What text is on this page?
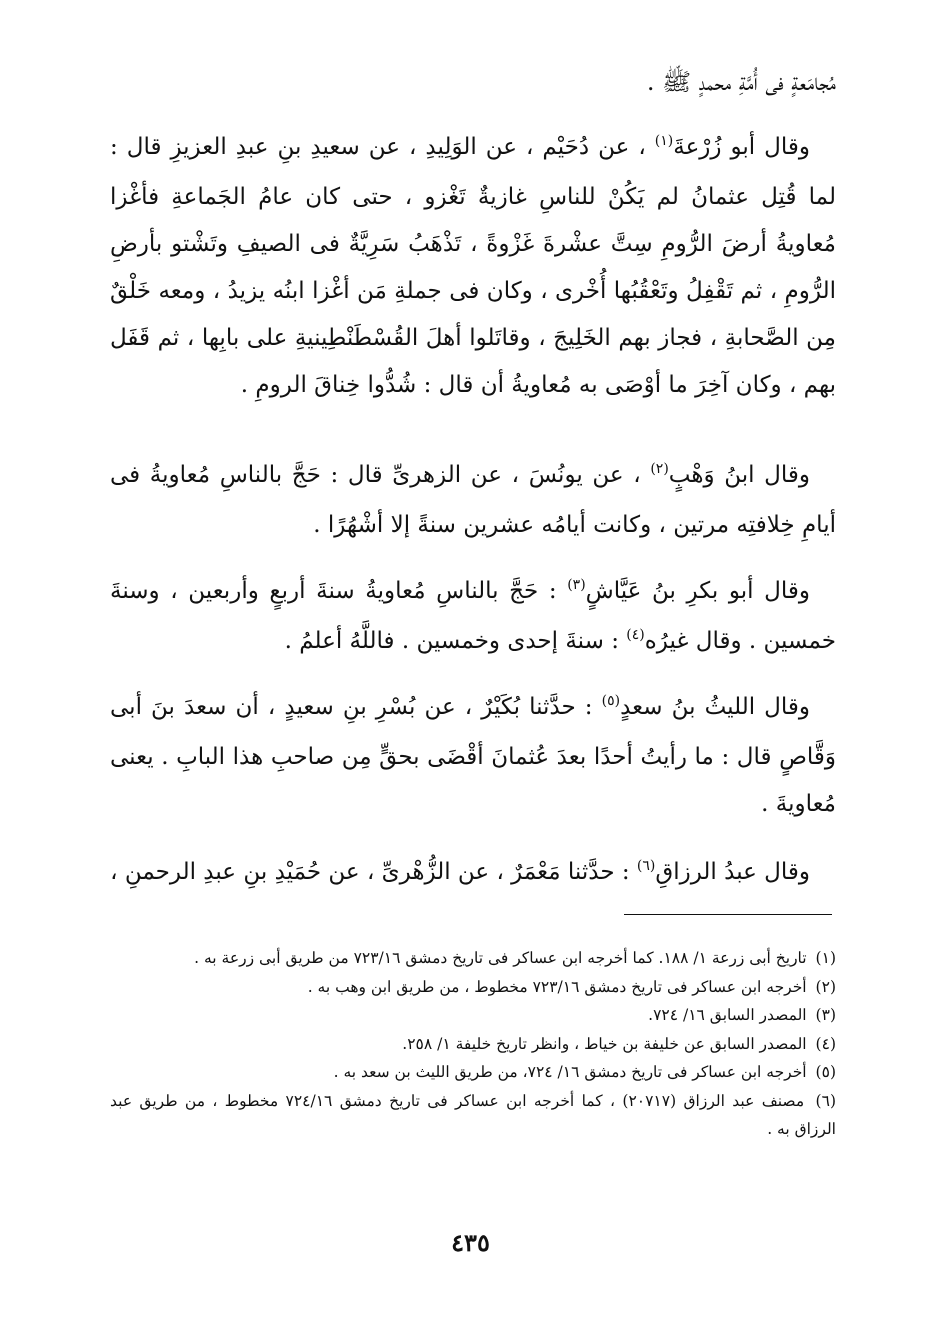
مُجامَعةٍ فى أُمَّةِ محمدٍ ﷺ .
وقال أبو زُرْعةَ$^{(١)}$ ، عن دُحَيْم ، عن الوَلِيدِ ، عن سعيدِ بنِ عبدِ العزيزِ قال : لما قُتِل عثمانُ لم يَكُنْ للناسِ غازيةٌ تَغْزو ، حتى كان عامُ الجَماعةِ فأغْزا مُعاويةُ أرضَ الرُّومِ سِتَّ عشْرةَ غَزْوةً ، تَذْهَبُ سَرِيَّةٌ فى الصيفِ وتَشْتو بأرضِ الرُّومِ ، ثم تَقْفِلُ وتَعْقُبُها أُخْرى ، وكان فى جملةِ مَن أغْزا ابنُه يزيدُ ، ومعه خَلْقٌ مِن الصَّحابةِ ، فجاز بهم الخَلِيجَ ، وقاتَلوا أهلَ القُسْطَنْطِينيةِ على بابِها ، ثم قَفَل بهم ، وكان آخِرَ ما أوْصَى به مُعاويةُ أن قال : شُدُّوا خِناقَ الرومِ .
وقال ابنُ وَهْبٍ$^{(٢)}$ ، عن يونُسَ ، عن الزهرىِّ قال : حَجَّ بالناسِ مُعاويةُ فى أيامِ خِلافتِه مرتين ، وكانت أيامُه عشرين سنةً إلا أشْهُرًا .
وقال أبو بكرِ بنُ عَيَّاشٍ$^{(٣)}$ : حَجَّ بالناسِ مُعاويةُ سنةَ أربعٍ وأربعين ، وسنةَ خمسين . وقال غيرُه$^{(٤)}$ : سنةَ إحدى وخمسين . فاللَّهُ أعلمُ .
وقال الليثُ بنُ سعدٍ$^{(٥)}$ : حدَّثنا بُكَيْرٌ ، عن بُسْرِ بنِ سعيدٍ ، أن سعدَ بنَ أبى وَقَّاصٍ قال : ما رأيتُ أحدًا بعدَ عُثمانَ أقْضَى بحقٍّ مِن صاحبِ هذا البابِ . يعنى مُعاويةَ .
وقال عبدُ الرزاقِ$^{(٦)}$ : حدَّثنا مَعْمَرٌ ، عن الزُّهْرىِّ ، عن حُمَيْدِ بنِ عبدِ الرحمنِ ،

(١) تاريخ أبى زرعة ١/ ١٨٨. كما أخرجه ابن عساكر فى تاريخ دمشق ٧٢٣/١٦ من طريق أبى زرعة به .

(٢) أخرجه ابن عساكر فى تاريخ دمشق ٧٢٣/١٦ مخطوط ، من طريق ابن وهب به .

(٣) المصدر السابق ١٦/ ٧٢٤.

(٤) المصدر السابق عن خليفة بن خياط ، وانظر تاريخ خليفة ١/ ٢٥٨.

(٥) أخرجه ابن عساكر فى تاريخ دمشق ١٦/ ٧٢٤، من طريق الليث بن سعد به .

(٦) مصنف عبد الرزاق (٢٠٧١٧) ، كما أخرجه ابن عساكر فى تاريخ دمشق ٧٢٤/١٦ مخطوط ، من طريق عبد الرزاق به .

٤٣٥
